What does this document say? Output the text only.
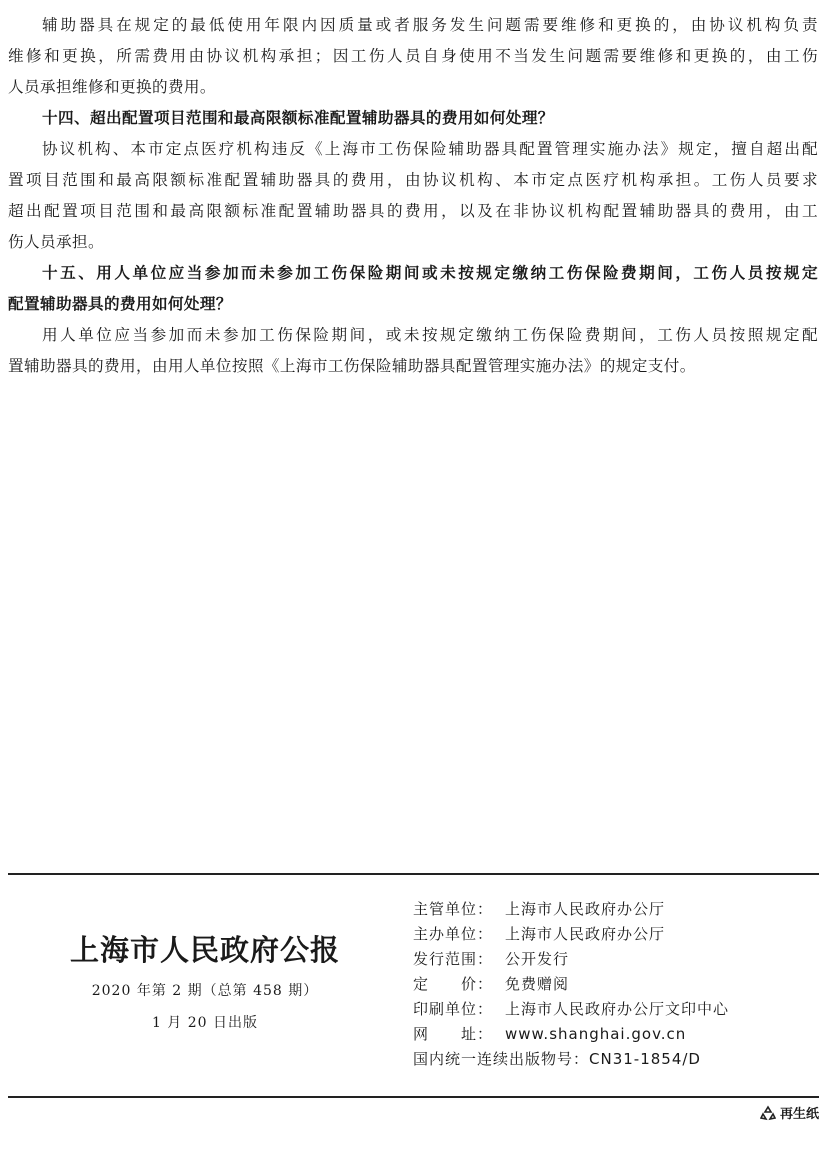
辅助器具在规定的最低使用年限内因质量或者服务发生问题需要维修和更换的，由协议机构负责
维修和更换，所需费用由协议机构承担；因工伤人员自身使用不当发生问题需要维修和更换的，由工伤
人员承担维修和更换的费用。
十四、超出配置项目范围和最高限额标准配置辅助器具的费用如何处理？
协议机构、本市定点医疗机构违反《上海市工伤保险辅助器具配置管理实施办法》规定，擅自超出配
置项目范围和最高限额标准配置辅助器具的费用，由协议机构、本市定点医疗机构承担。工伤人员要求
超出配置项目范围和最高限额标准配置辅助器具的费用，以及在非协议机构配置辅助器具的费用，由工
伤人员承担。
十五、用人单位应当参加而未参加工伤保险期间或未按规定缴纳工伤保险费期间，工伤人员按规定
配置辅助器具的费用如何处理？
用人单位应当参加而未参加工伤保险期间，或未按规定缴纳工伤保险费期间，工伤人员按照规定配
置辅助器具的费用，由用人单位按照《上海市工伤保险辅助器具配置管理实施办法》的规定支付。
上海市人民政府公报
2020 年第 2 期（总第 458 期）
1 月 20 日出版
主管单位： 上海市人民政府办公厅
主办单位： 上海市人民政府办公厅
发行范围： 公开发行
定　　价： 免费赠阅
印刷单位： 上海市人民政府办公厅文印中心
网　　址： www.shanghai.gov.cn
国内统一连续出版物号：CN31-1854/D
再生纸
